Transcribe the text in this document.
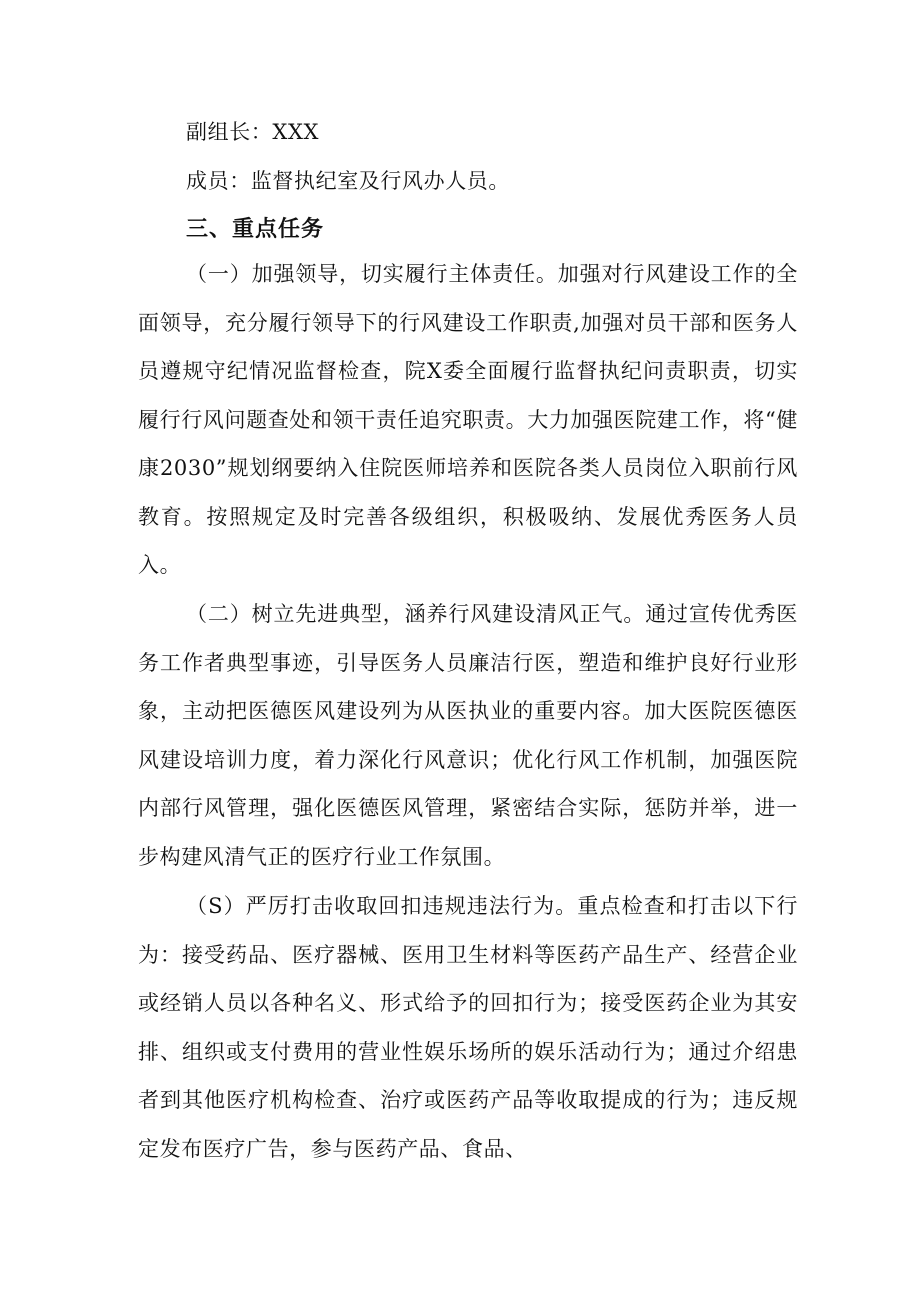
副组长：XXX

成员：监督执纪室及行风办人员。

三、重点任务

（一）加强领导，切实履行主体责任。加强对行风建设工作的全面领导，充分履行领导下的行风建设工作职责,加强对员干部和医务人员遵规守纪情况监督检查，院X委全面履行监督执纪问责职责，切实履行行风问题查处和领干责任追究职责。大力加强医院建工作，将“健康2030”规划纲要纳入住院医师培养和医院各类人员岗位入职前行风教育。按照规定及时完善各级组织，积极吸纳、发展优秀医务人员入。

（二）树立先进典型，涵养行风建设清风正气。通过宣传优秀医务工作者典型事迹，引导医务人员廉洁行医，塑造和维护良好行业形象，主动把医德医风建设列为从医执业的重要内容。加大医院医德医风建设培训力度，着力深化行风意识；优化行风工作机制，加强医院内部行风管理，强化医德医风管理，紧密结合实际，惩防并举，进一步构建风清气正的医疗行业工作氛围。

（S）严厉打击收取回扣违规违法行为。重点检查和打击以下行为：接受药品、医疗器械、医用卫生材料等医药产品生产、经营企业或经销人员以各种名义、形式给予的回扣行为；接受医药企业为其安排、组织或支付费用的营业性娱乐场所的娱乐活动行为；通过介绍患者到其他医疗机构检查、治疗或医药产品等收取提成的行为；违反规定发布医疗广告，参与医药产品、食品、
